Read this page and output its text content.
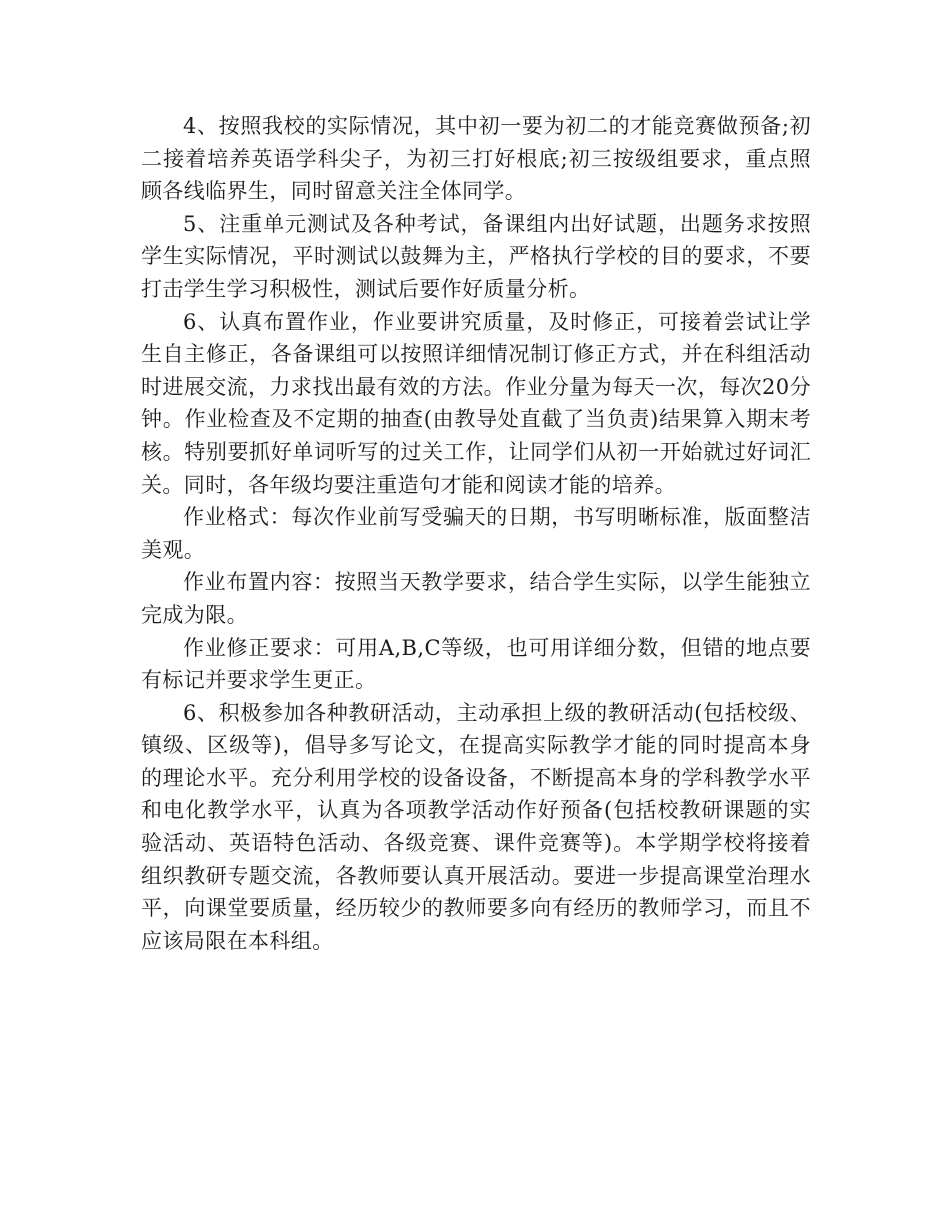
4、按照我校的实际情况，其中初一要为初二的才能竞赛做预备;初二接着培养英语学科尖子，为初三打好根底;初三按级组要求，重点照顾各线临界生，同时留意关注全体同学。

5、注重单元测试及各种考试，备课组内出好试题，出题务求按照学生实际情况，平时测试以鼓舞为主，严格执行学校的目的要求，不要打击学生学习积极性，测试后要作好质量分析。

6、认真布置作业，作业要讲究质量，及时修正，可接着尝试让学生自主修正，各备课组可以按照详细情况制订修正方式，并在科组活动时进展交流，力求找出最有效的方法。作业分量为每天一次，每次20分钟。作业检查及不定期的抽查(由教导处直截了当负责)结果算入期末考核。特别要抓好单词听写的过关工作，让同学们从初一开始就过好词汇关。同时，各年级均要注重造句才能和阅读才能的培养。

作业格式：每次作业前写受骗天的日期，书写明晰标准，版面整洁美观。

作业布置内容：按照当天教学要求，结合学生实际，以学生能独立完成为限。

作业修正要求：可用A,B,C等级，也可用详细分数，但错的地点要有标记并要求学生更正。

6、积极参加各种教研活动，主动承担上级的教研活动(包括校级、镇级、区级等)，倡导多写论文，在提高实际教学才能的同时提高本身的理论水平。充分利用学校的设备设备，不断提高本身的学科教学水平和电化教学水平，认真为各项教学活动作好预备(包括校教研课题的实验活动、英语特色活动、各级竞赛、课件竞赛等)。本学期学校将接着组织教研专题交流，各教师要认真开展活动。要进一步提高课堂治理水平，向课堂要质量，经历较少的教师要多向有经历的教师学习，而且不应该局限在本科组。
